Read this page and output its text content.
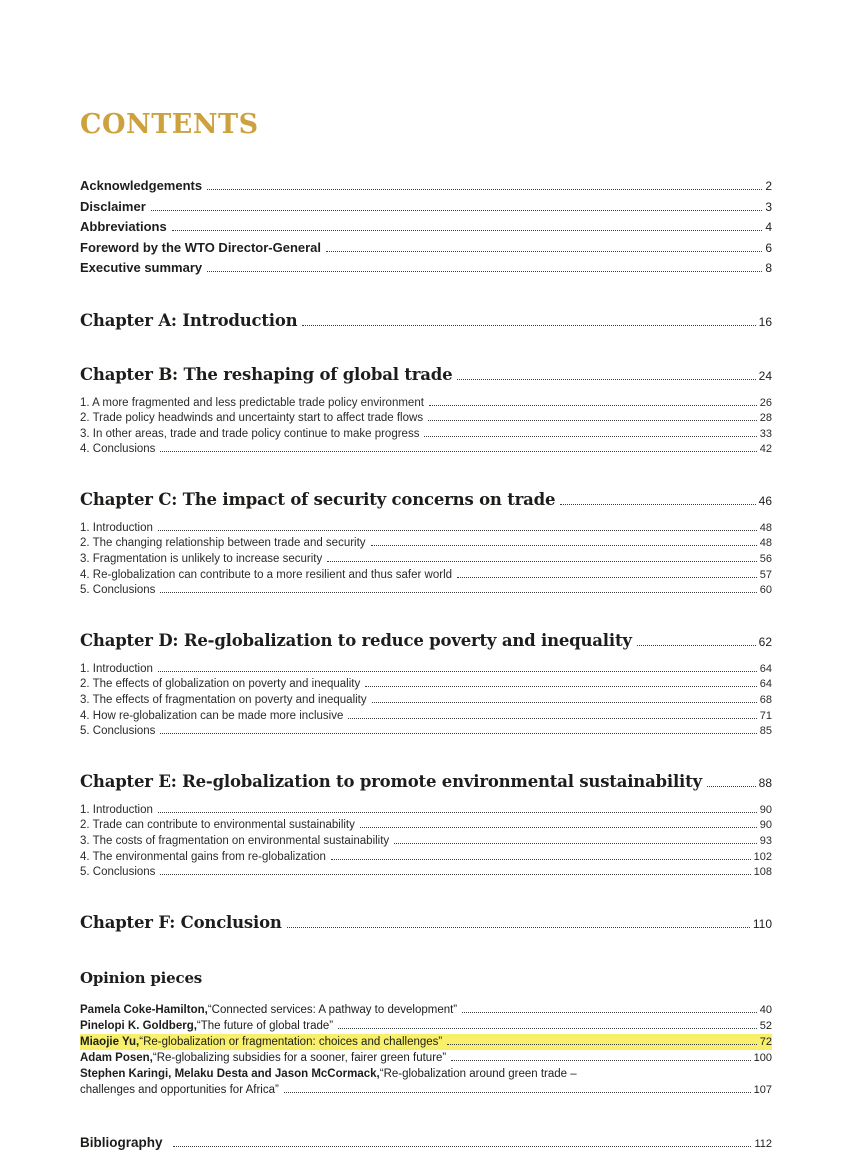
CONTENTS
Acknowledgements	2
Disclaimer	3
Abbreviations	4
Foreword by the WTO Director-General	6
Executive summary	8
Chapter A: Introduction	16
Chapter B: The reshaping of global trade	24
1. A more fragmented and less predictable trade policy environment	26
2. Trade policy headwinds and uncertainty start to affect trade flows	28
3. In other areas, trade and trade policy continue to make progress	33
4. Conclusions	42
Chapter C: The impact of security concerns on trade	46
1. Introduction	48
2. The changing relationship between trade and security	48
3. Fragmentation is unlikely to increase security	56
4. Re-globalization can contribute to a more resilient and thus safer world	57
5. Conclusions	60
Chapter D: Re-globalization to reduce poverty and inequality	62
1. Introduction	64
2. The effects of globalization on poverty and inequality	64
3. The effects of fragmentation on poverty and inequality	68
4. How re-globalization can be made more inclusive	71
5. Conclusions	85
Chapter E: Re-globalization to promote environmental sustainability	88
1. Introduction	90
2. Trade can contribute to environmental sustainability	90
3. The costs of fragmentation on environmental sustainability	93
4. The environmental gains from re-globalization	102
5. Conclusions	108
Chapter F: Conclusion	110
Opinion pieces
Pamela Coke-Hamilton, “Connected services: A pathway to development”	40
Pinelopi K. Goldberg, “The future of global trade”	52
Miaojie Yu, “Re-globalization or fragmentation: choices and challenges”	72
Adam Posen, “Re-globalizing subsidies for a sooner, fairer green future”	100
Stephen Karingi, Melaku Desta and Jason McCormack, “Re-globalization around green trade –
challenges and opportunities for Africa”	107
Bibliography	112
